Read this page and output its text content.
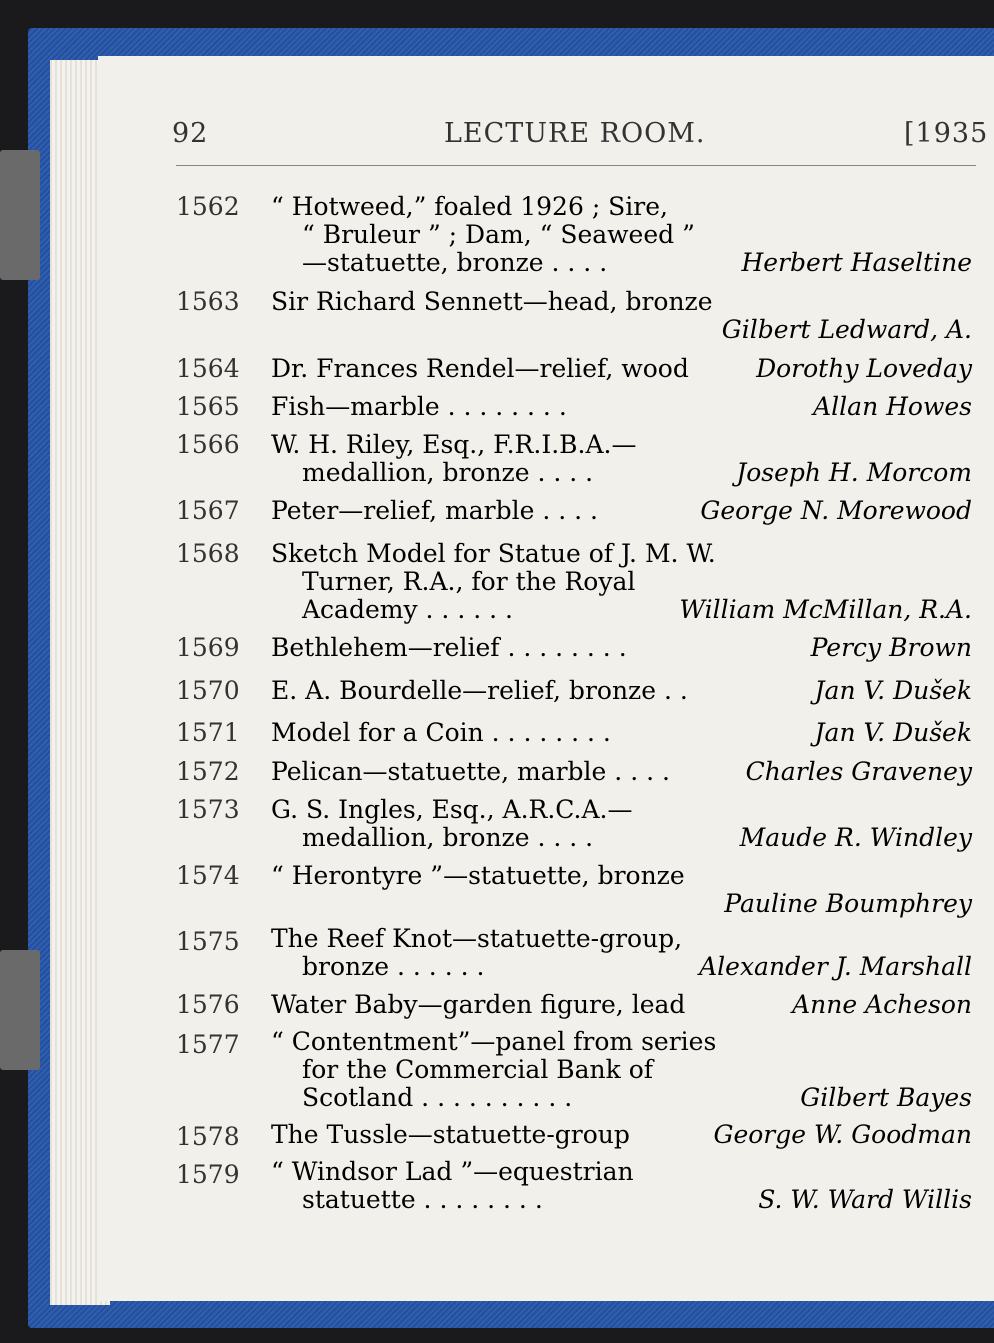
92	LECTURE ROOM.	[1935
1562 “ Hotweed,” foaled 1926 ; Sire,
“ Bruleur ” ; Dam, “ Seaweed ”
—statuette, bronze . . . .	Herbert Haseltine
1563 Sir Richard Sennett—head, bronze
Gilbert Ledward, A.
1564 Dr. Frances Rendel—relief, wood	Dorothy Loveday
1565 Fish—marble . . . . . . . .	Allan Howes
1566 W. H. Riley, Esq., F.R.I.B.A.—
medallion, bronze . . . .	Joseph H. Morcom
1567 Peter—relief, marble . . . .	George N. Morewood
1568 Sketch Model for Statue of J. M. W.
Turner, R.A., for the Royal
Academy . . . . . .	William McMillan, R.A.
1569 Bethlehem—relief . . . . . . . .	Percy Brown
1570 E. A. Bourdelle—relief, bronze . .	Jan V. Dušek
1571 Model for a Coin . . . . . . . .	Jan V. Dušek
1572 Pelican—statuette, marble . . . .	Charles Graveney
1573 G. S. Ingles, Esq., A.R.C.A.—
medallion, bronze . . . .	Maude R. Windley
1574 “ Herontyre ”—statuette, bronze
Pauline Boumphrey
1575 The Reef Knot—statuette-group,
bronze . . . . . .	Alexander J. Marshall
1576 Water Baby—garden figure, lead	Anne Acheson
1577 “ Contentment”—panel from series
for the Commercial Bank of
Scotland . . . . . . . . . .	Gilbert Bayes
1578 The Tussle—statuette-group	George W. Goodman
1579 “ Windsor Lad ”—equestrian
statuette . . . . . . . .	S. W. Ward Willis
